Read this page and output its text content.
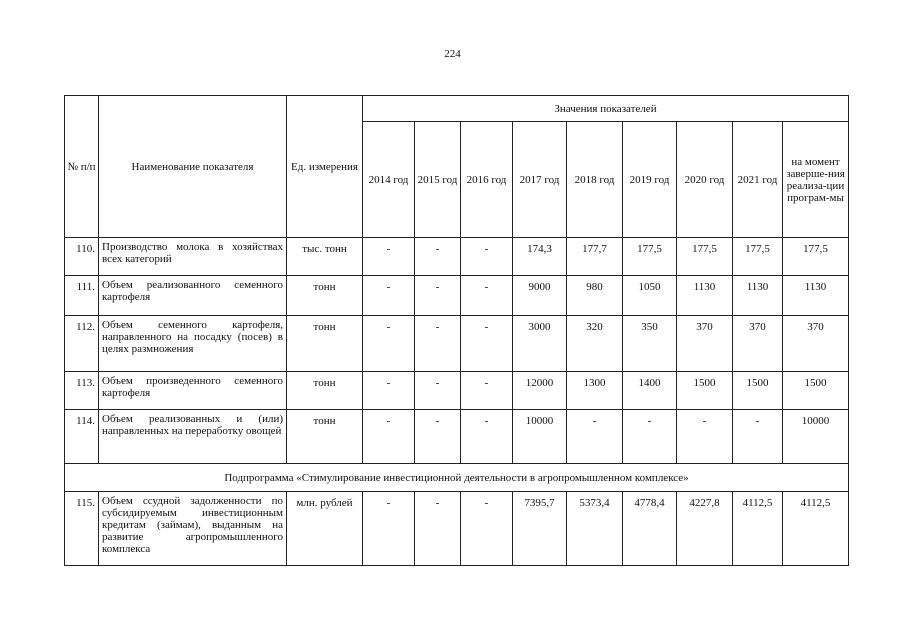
224
№ п/п	Наименование показателя	Ед. измерения	Значения показателей								
			2014 год	2015 год	2016 год	2017 год	2018 год	2019 год	2020 год	2021 год	на момент заверше-ния реализа-ции програм-мы
110.	Производство молока в хозяйствах всех категорий	тыс. тонн	-	-	-	174,3	177,7	177,5	177,5	177,5	177,5
111.	Объем реализованного семенного картофеля	тонн	-	-	-	9000	980	1050	1130	1130	1130
112.	Объем семенного картофеля, направленного на посадку (посев) в целях размножения	тонн	-	-	-	3000	320	350	370	370	370
113.	Объем произведенного семенного картофеля	тонн	-	-	-	12000	1300	1400	1500	1500	1500
114.	Объем реализованных и (или) направленных на переработку овощей	тонн	-	-	-	10000	-	-	-	-	10000
Подпрограмма «Стимулирование инвестиционной деятельности в агропромышленном комплексе»											
115.	Объем ссудной задолженности по субсидируемым инвестиционным кредитам (займам), выданным на развитие агропромышленного комплекса	млн. рублей	-	-	-	7395,7	5373,4	4778,4	4227,8	4112,5	4112,5
